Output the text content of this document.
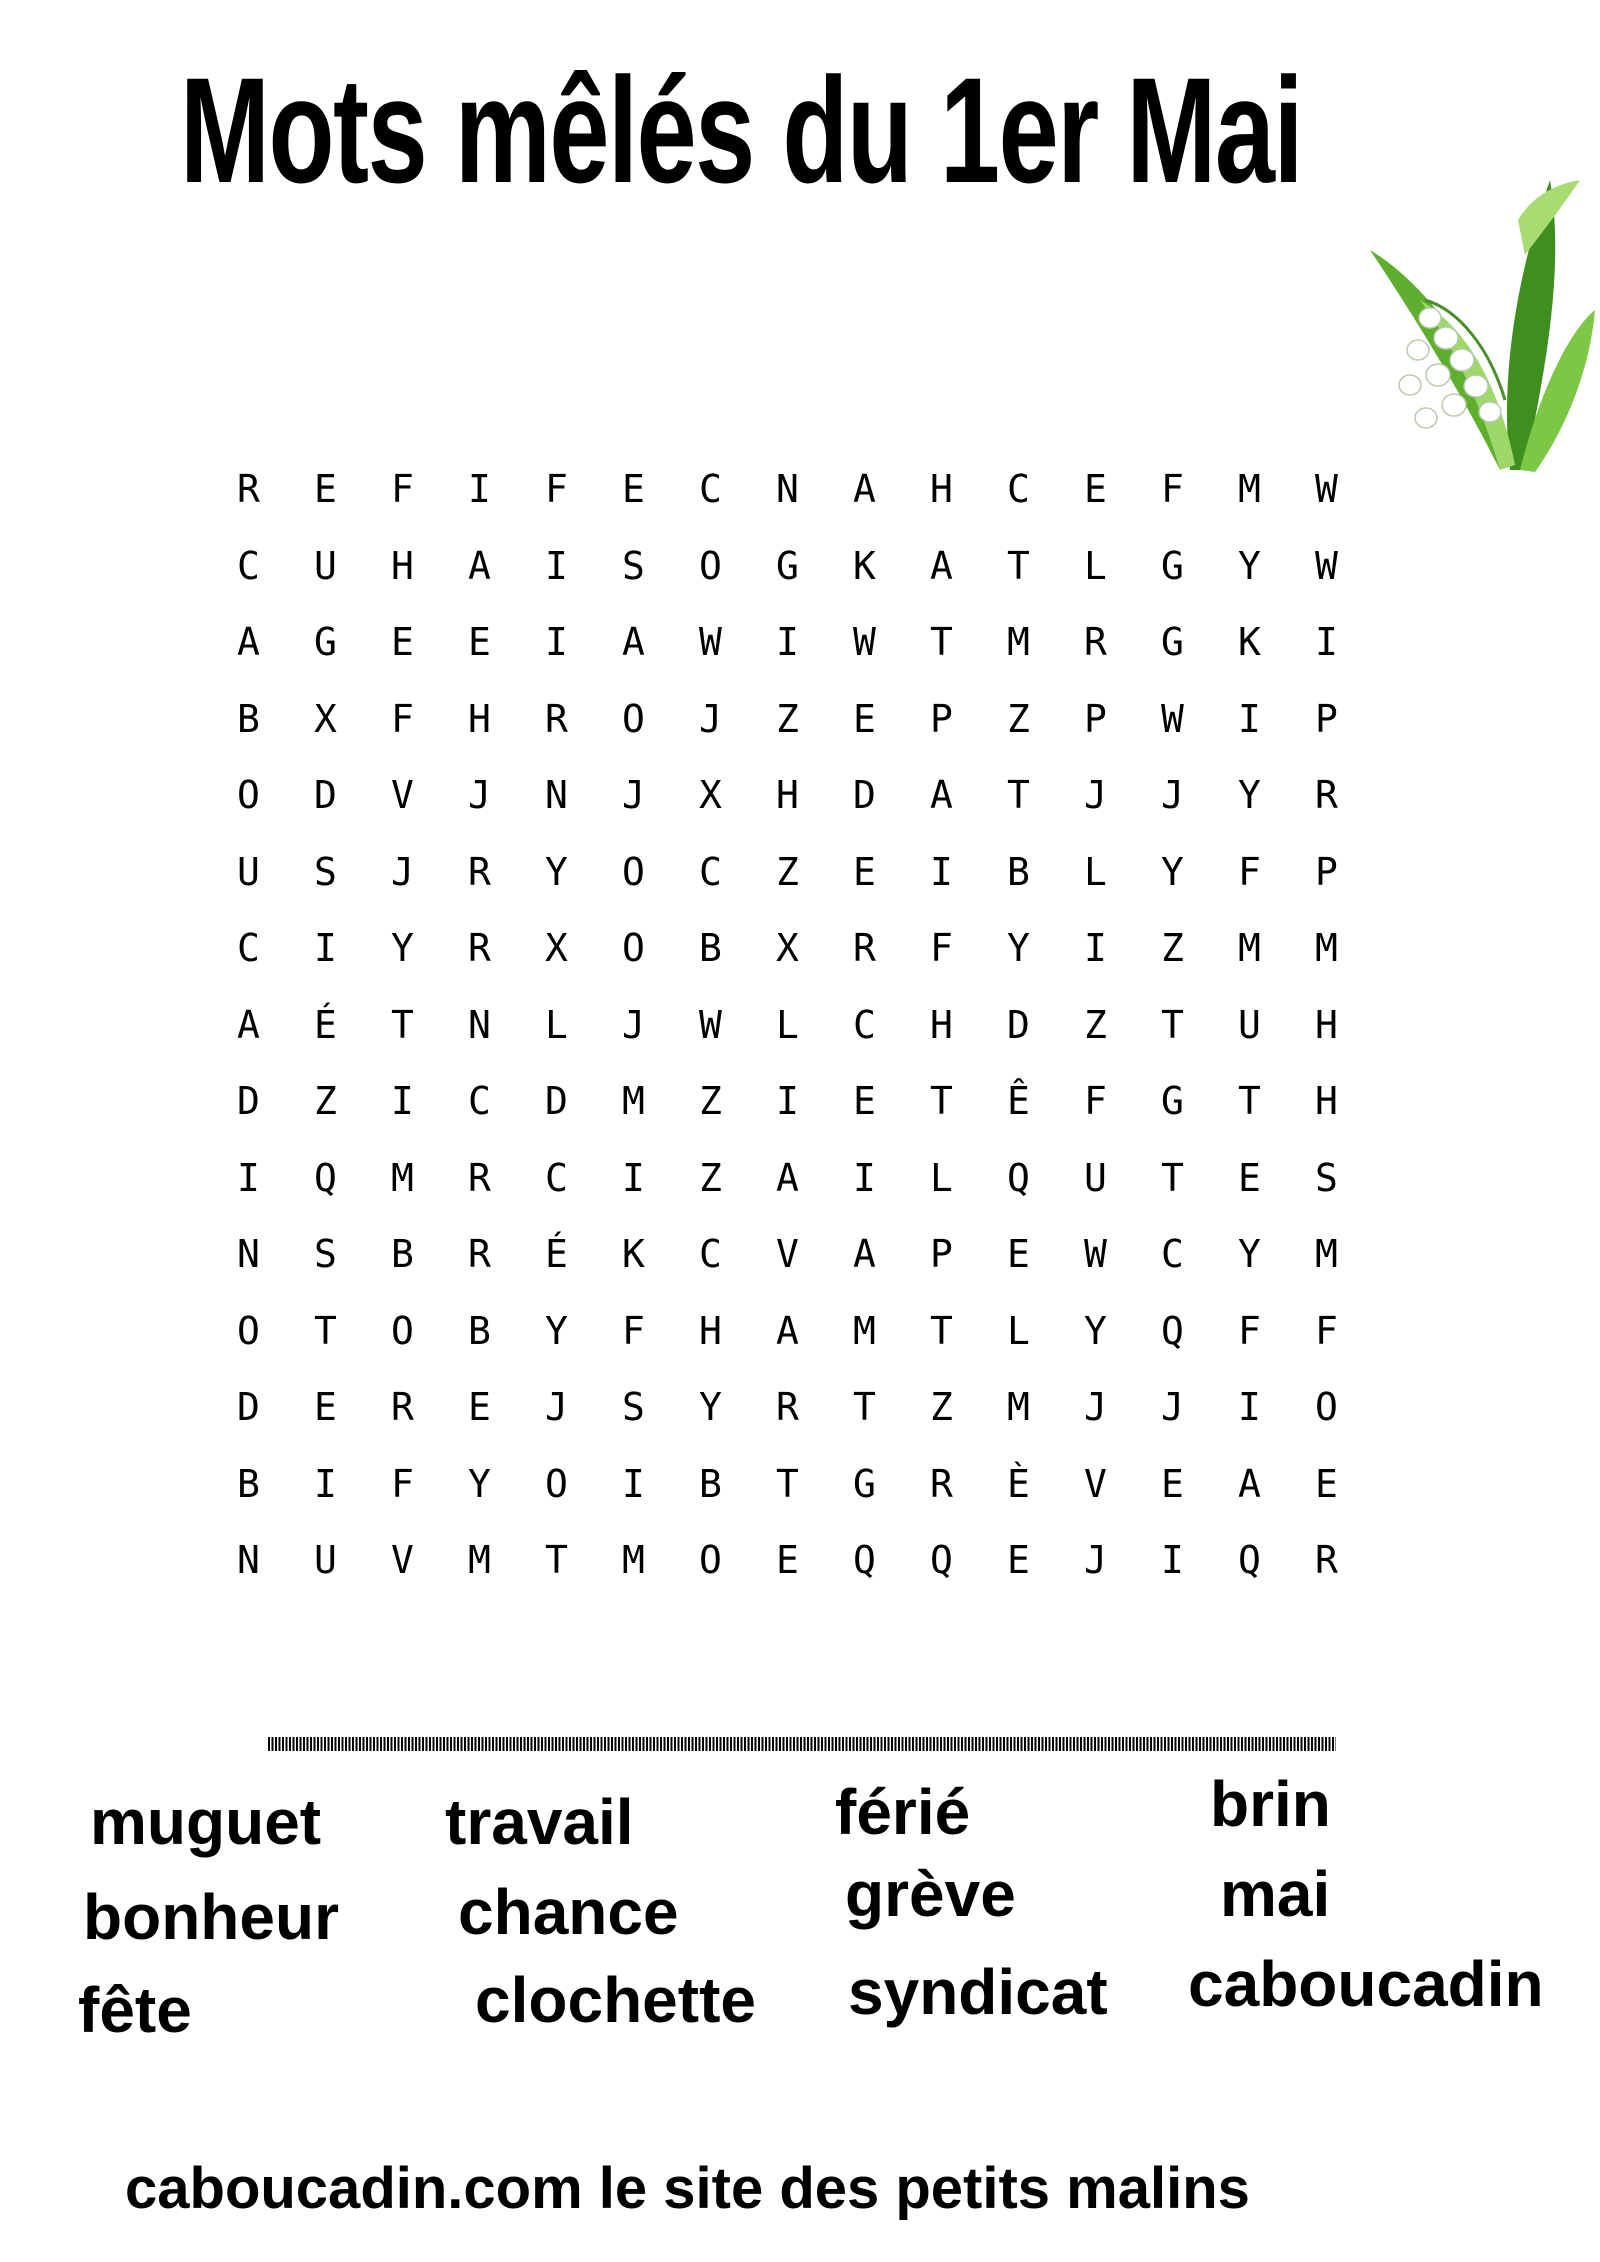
Mots mêlés du 1er Mai
R	E	F	I	F	E	C	N	A	H	C	E	F	M	W
C	U	H	A	I	S	O	G	K	A	T	L	G	Y	W
A	G	E	E	I	A	W	I	W	T	M	R	G	K	I
B	X	F	H	R	O	J	Z	E	P	Z	P	W	I	P
O	D	V	J	N	J	X	H	D	A	T	J	J	Y	R
U	S	J	R	Y	O	C	Z	E	I	B	L	Y	F	P
C	I	Y	R	X	O	B	X	R	F	Y	I	Z	M	M
A	É	T	N	L	J	W	L	C	H	D	Z	T	U	H
D	Z	I	C	D	M	Z	I	E	T	Ê	F	G	T	H
I	Q	M	R	C	I	Z	A	I	L	Q	U	T	E	S
N	S	B	R	É	K	C	V	A	P	E	W	C	Y	M
O	T	O	B	Y	F	H	A	M	T	L	Y	Q	F	F
D	E	R	E	J	S	Y	R	T	Z	M	J	J	I	O
B	I	F	Y	O	I	B	T	G	R	È	V	E	A	E
N	U	V	M	T	M	O	E	Q	Q	E	J	I	Q	R
muguet travail	férié	brin
bonheur chance	grève	mai
fête	clochette syndicat caboucadin
caboucadin.com le site des petits malins
